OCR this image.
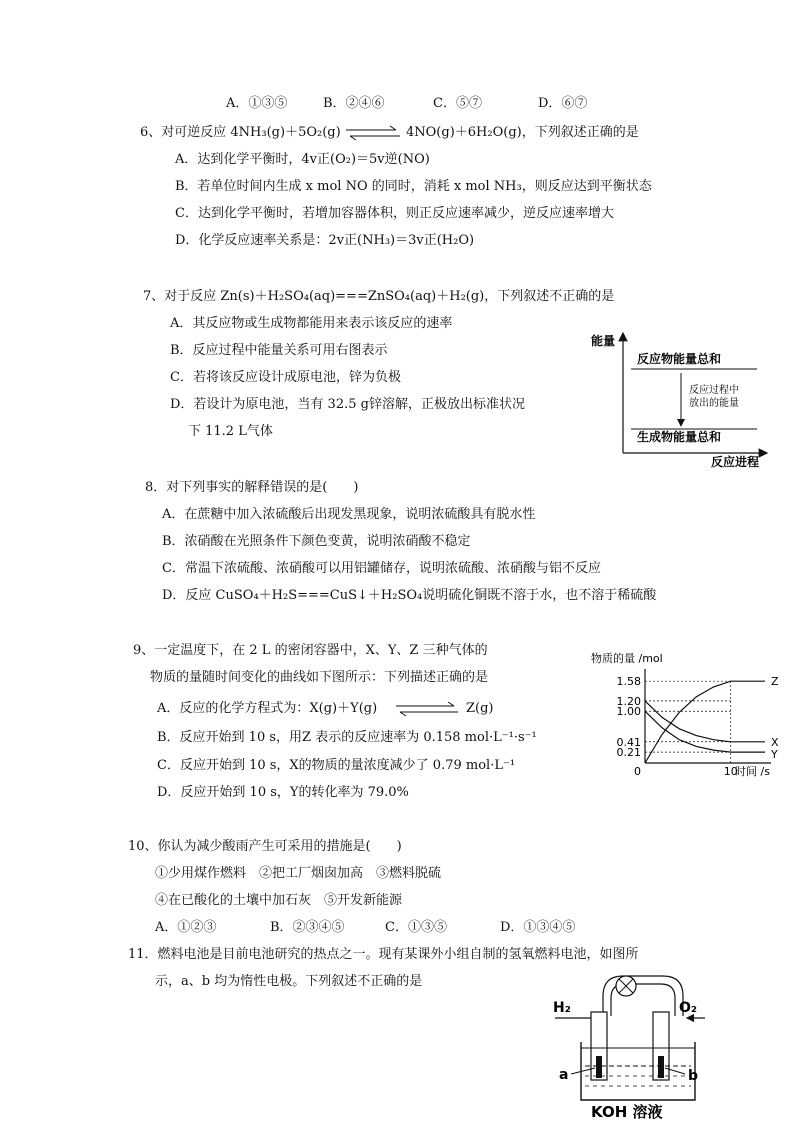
A．①③⑤	B．②④⑥	C．⑤⑦	D．⑥⑦
6、对可逆反应 4NH₃(g)＋5O₂(g)	4NO(g)＋6H₂O(g)，下列叙述正确的是
A．达到化学平衡时，4v正(O₂)＝5v逆(NO)
B．若单位时间内生成 x mol NO 的同时，消耗 x mol NH₃，则反应达到平衡状态
C．达到化学平衡时，若增加容器体积，则正反应速率减少，逆反应速率增大
D．化学反应速率关系是：2v正(NH₃)＝3v正(H₂O)
7、对于反应 Zn(s)＋H₂SO₄(aq)===ZnSO₄(aq)＋H₂(g)，下列叙述不正确的是
A．其反应物或生成物都能用来表示该反应的速率
B．反应过程中能量关系可用右图表示
C．若将该反应设计成原电池，锌为负极
D．若设计为原电池，当有 32.5 g锌溶解，正极放出标准状况
下 11.2 L气体
能量
反应进程
反应物能量总和
反应过程中
放出的能量
生成物能量总和
8．对下列事实的解释错误的是(　　)
A．在蔗糖中加入浓硫酸后出现发黑现象，说明浓硫酸具有脱水性
B．浓硝酸在光照条件下颜色变黄，说明浓硝酸不稳定
C．常温下浓硫酸、浓硝酸可以用铝罐储存，说明浓硫酸、浓硝酸与铝不反应
D．反应 CuSO₄＋H₂S===CuS↓＋H₂SO₄说明硫化铜既不溶于水，也不溶于稀硫酸
9、一定温度下，在 2 L 的密闭容器中，X、Y、Z 三种气体的
物质的量随时间变化的曲线如下图所示：下列描述正确的是
A．反应的化学方程式为：X(g)＋Y(g)	Z(g)
B．反应开始到 10 s，用Z 表示的反应速率为 0.158 mol·L⁻¹·s⁻¹
C．反应开始到 10 s，X的物质的量浓度减少了 0.79 mol·L⁻¹
D．反应开始到 10 s，Y的转化率为 79.0%
物质的量 /mol
时间 /s
0.21
0.41
1.00
1.20
1.58
0	10
Z
X
Y
10、你认为减少酸雨产生可采用的措施是(　　)
①少用煤作燃料　②把工厂烟囱加高　③燃料脱硫
④在已酸化的土壤中加石灰　⑤开发新能源
A．①②③	B．②③④⑤	C．①③⑤	D．①③④⑤
11．燃料电池是目前电池研究的热点之一。现有某课外小组自制的氢氧燃料电池，如图所
示，a、b 均为惰性电极。下列叙述不正确的是
H₂	O₂
a	b
KOH 溶液
